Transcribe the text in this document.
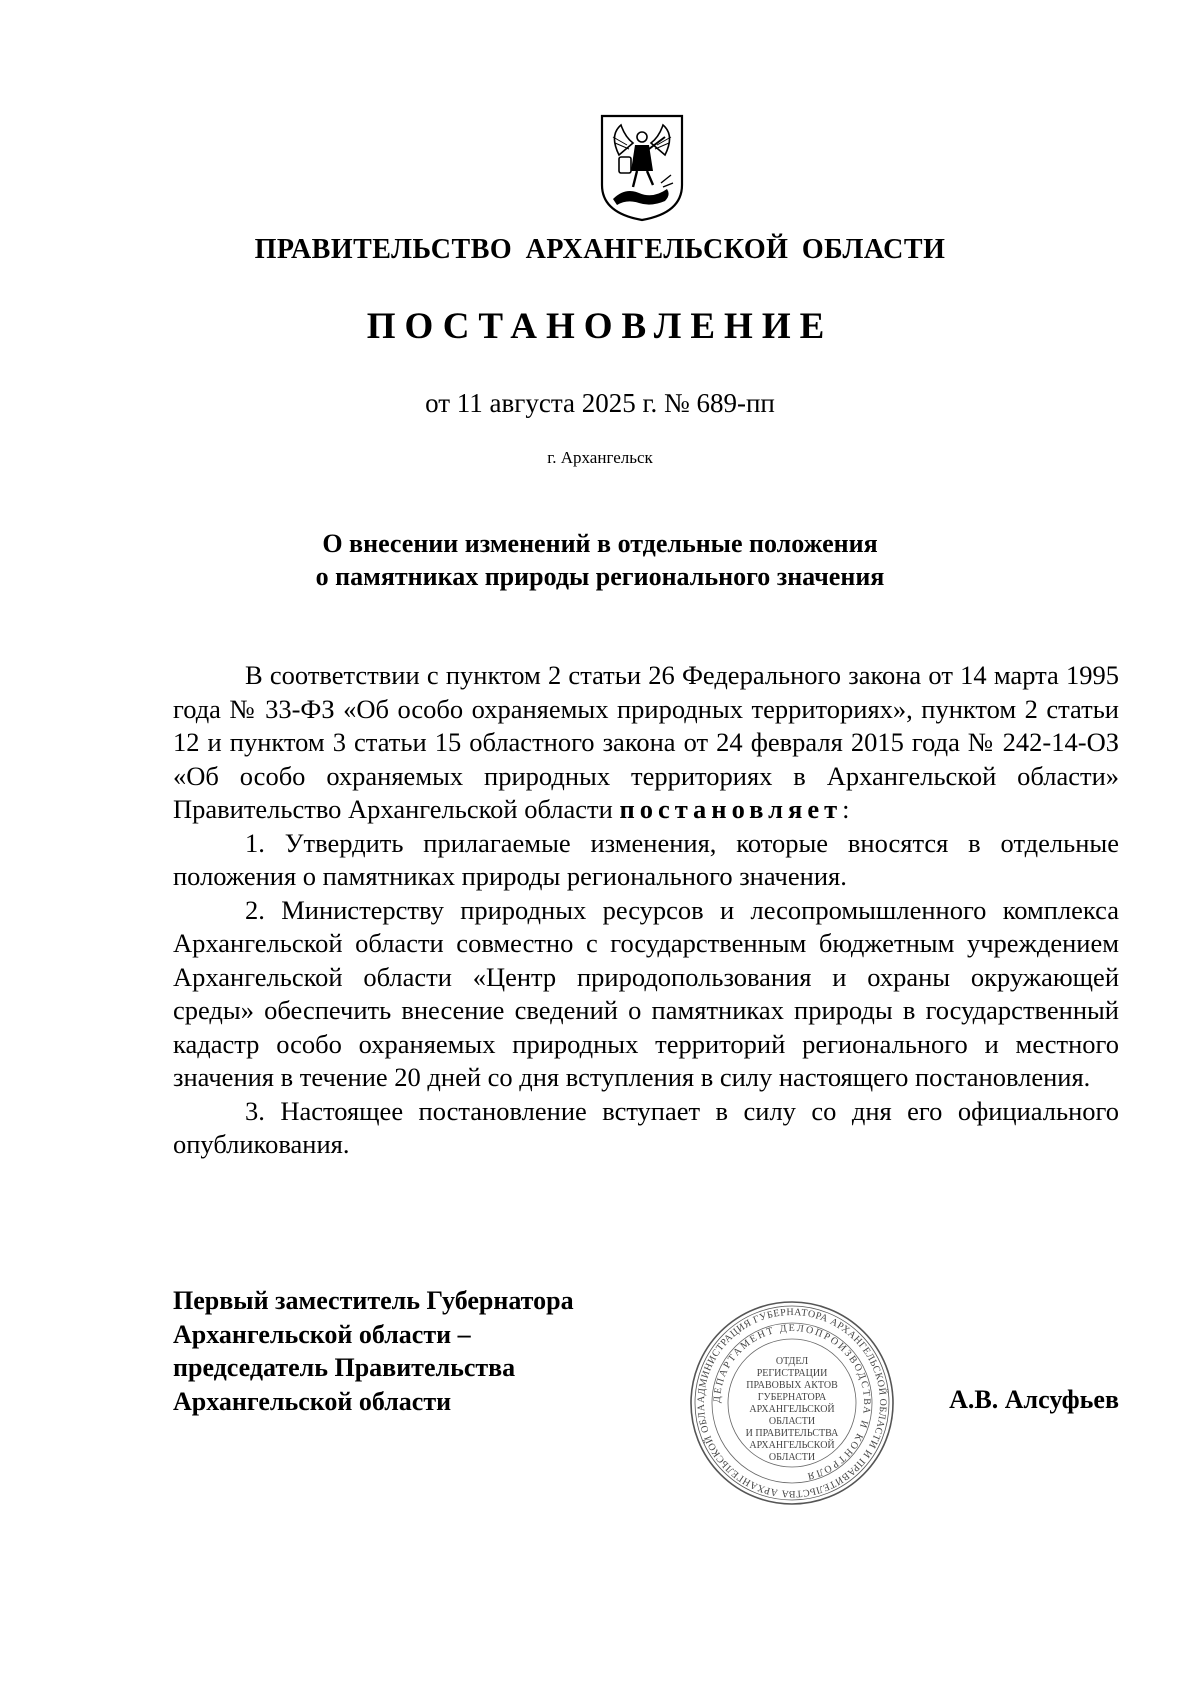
ПРАВИТЕЛЬСТВО АРХАНГЕЛЬСКОЙ ОБЛАСТИ
ПОСТАНОВЛЕНИЕ
от 11 августа 2025 г. № 689-пп
г. Архангельск
О внесении изменений в отдельные положения
о памятниках природы регионального значения

В соответствии с пунктом 2 статьи 26 Федерального закона от 14 марта 1995 года № 33-ФЗ «Об особо охраняемых природных территориях», пунктом 2 статьи 12 и пунктом 3 статьи 15 областного закона от 24 февраля 2015 года № 242-14-ОЗ «Об особо охраняемых природных территориях в Архангельской области» Правительство Архангельской области постановляет:

1. Утвердить прилагаемые изменения, которые вносятся в отдельные положения о памятниках природы регионального значения.

2. Министерству природных ресурсов и лесопромышленного комплекса Архангельской области совместно с государственным бюджетным учреждением Архангельской области «Центр природопользования и охраны окружающей среды» обеспечить внесение сведений о памятниках природы в государственный кадастр особо охраняемых природных территорий регионального и местного значения в течение 20 дней со дня вступления в силу настоящего постановления.

3. Настоящее постановление вступает в силу со дня его официального опубликования.

Первый заместитель Губернатора
Архангельской области –
председатель Правительства
Архангельской области	АДМИНИСТРАЦИЯ ГУБЕРНАТОРА АРХАНГЕЛЬСКОЙ ОБЛАСТИ И ПРАВИТЕЛЬСТВА АРХАНГЕЛЬСКОЙ ОБЛА
ДЕПАРТАМЕНТ ДЕЛОПРОИЗВОДСТВА И КОНТРОЛЯ
ОТДЕЛ
РЕГИСТРАЦИИ
ПРАВОВЫХ АКТОВ
ГУБЕРНАТОРА
АРХАНГЕЛЬСКОЙ
ОБЛАСТИ
И ПРАВИТЕЛЬСТВА
АРХАНГЕЛЬСКОЙ
ОБЛАСТИ
А.В. Алсуфьев
